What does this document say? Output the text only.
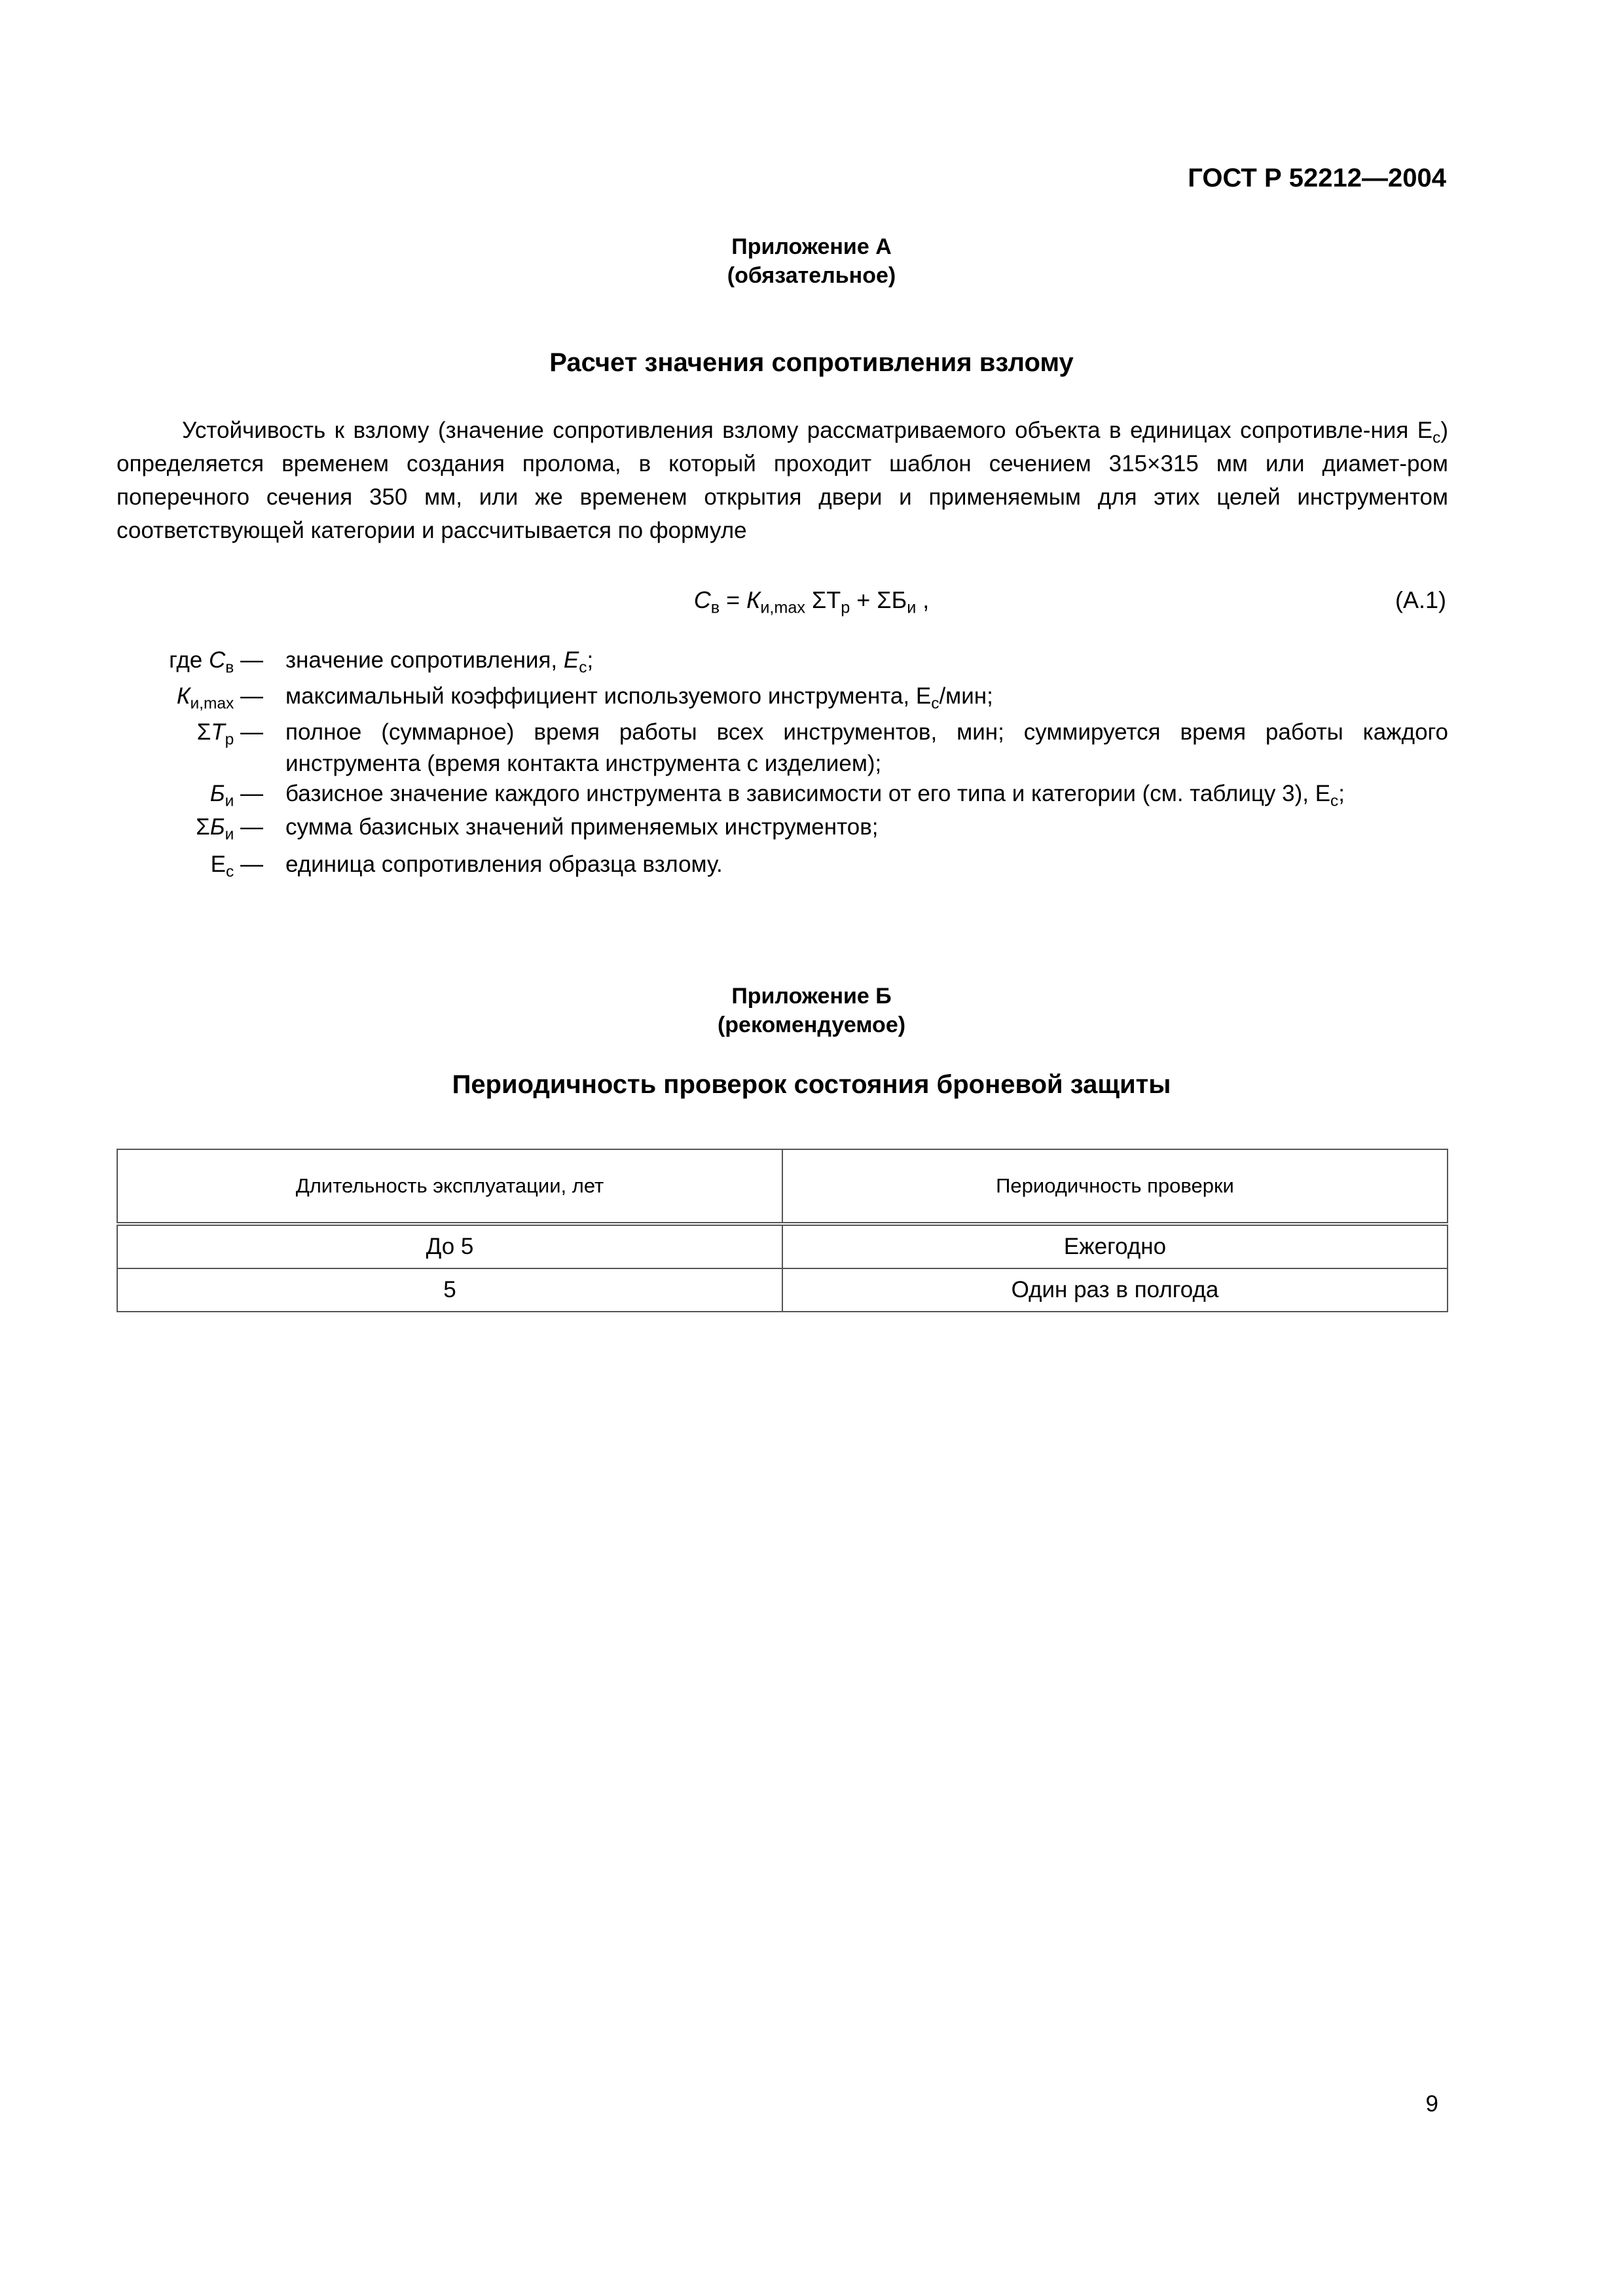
ГОСТ Р 52212—2004
Приложение А
(обязательное)
Расчет значения сопротивления взлому
Устойчивость к взлому (значение сопротивления взлому рассматриваемого объекта в единицах сопротивле-ния $Е_с$) определяется временем создания пролома, в который проходит шаблон сечением 315×315 мм или диамет-ром поперечного сечения 350 мм, или же временем открытия двери и применяемым для этих целей инструментом соответствующей категории и рассчитывается по формуле
$С_в = К_{и,max}$ $\Sigma Т_р + \Sigma Б_и$ ,	(А.1)
где $С_в$ — значение сопротивления, $Е_с$;
$К_{и,max}$ — максимальный коэффициент используемого инструмента, $Е_с$/мин;
$\Sigma Т_р$ — полное (суммарное) время работы всех инструментов, мин; суммируется время работы каждого инструмента (время контакта инструмента с изделием);
$Б_и$ — базисное значение каждого инструмента в зависимости от его типа и категории (см. таблицу 3), $Е_с$;
$\Sigma Б_и$ — сумма базисных значений применяемых инструментов;
$Е_с$ — единица сопротивления образца взлому.
Приложение Б
(рекомендуемое)
Периодичность проверок состояния броневой защиты
Длительность эксплуатации, лет	Периодичность проверки
До 5	Ежегодно
5	Один раз в полгода
9
